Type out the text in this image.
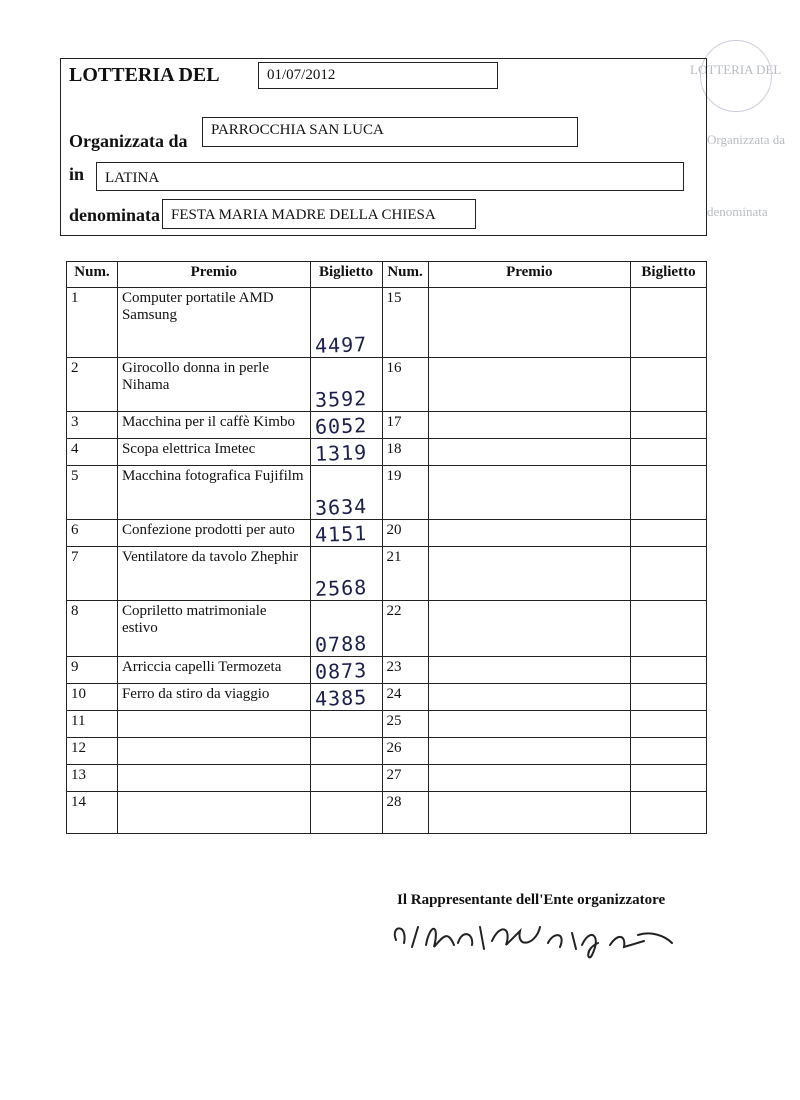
LOTTERIA DEL
Organizzata da
denominata
LOTTERIA DEL	01/07/2012
Organizzata da
PARROCCHIA SAN LUCA
in	LATINA
denominata FESTA MARIA MADRE DELLA CHIESA
Num.	Premio	Biglietto	Num.	Premio	Biglietto
1	Computer portatile AMD Samsung	4497	15		
2	Girocollo donna in perle Nihama	3592	16		
3	Macchina per il caffè Kimbo	6052	17		
4	Scopa elettrica Imetec	1319	18		
5	Macchina fotografica Fujifilm	3634	19		
6	Confezione prodotti per auto	4151	20		
7	Ventilatore da tavolo Zhephir	2568	21		
8	Copriletto matrimoniale estivo	0788	22		
9	Arriccia capelli Termozeta	0873	23		
10	Ferro da stiro da viaggio	4385	24		
11			25		
12			26		
13			27		
14			28		
Il Rappresentante dell'Ente organizzatore
